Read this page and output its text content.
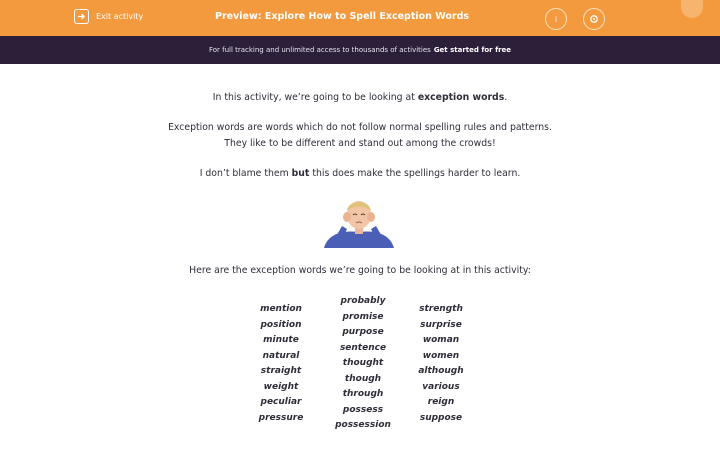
Exit activity	Preview: Explore How to Spell Exception Words	i
For full tracking and unlimited access to thousands of activities Get started for free
In this activity, we’re going to be looking at exception words.
Exception words are words which do not follow normal spelling rules and patterns.
They like to be different and stand out among the crowds!
I don’t blame them but this does make the spellings harder to learn.
Here are the exception words we’re going to be looking at in this activity:
mention
position
minute
natural
straight
weight
peculiar
pressure
probably
promise
purpose
sentence
thought
though
through
possess
possession
strength
surprise
woman
women
although
various
reign
suppose
